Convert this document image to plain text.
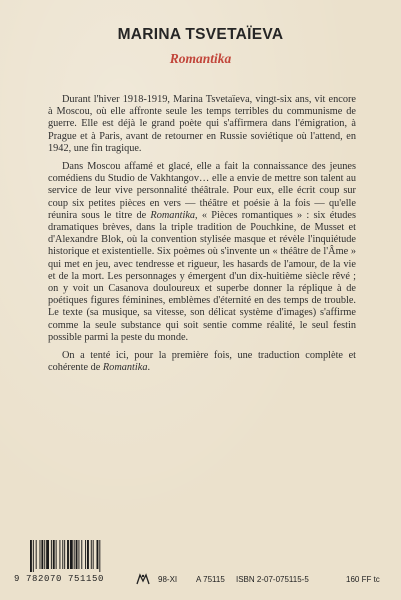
MARINA TSVETAÏEVA
Romantika

Durant l'hiver 1918-1919, Marina Tsvetaïeva, vingt-six ans, vit encore à Moscou, où elle affronte seule les temps terribles du communisme de guerre. Elle est déjà le grand poète qui s'affirmera dans l'émigration, à Prague et à Paris, avant de retourner en Russie soviétique où l'attend, en 1942, une fin tragique.

Dans Moscou affamé et glacé, elle a fait la connaissance des jeunes comédiens du Studio de Vakhtangov… elle a envie de mettre son talent au service de leur vive personnalité théâtrale. Pour eux, elle écrit coup sur coup six petites pièces en vers — théâtre et poésie à la fois — qu'elle réunira sous le titre de Romantika, « Pièces romantiques » : six études dramatiques brèves, dans la triple tradition de Pouchkine, de Musset et d'Alexandre Blok, où la convention stylisée masque et révèle l'inquiétude historique et existentielle. Six poèmes où s'invente un « théâtre de l'Âme » qui met en jeu, avec tendresse et rigueur, les hasards de l'amour, de la vie et de la mort. Les personnages y émergent d'un dix-huitième siècle rêvé ; on y voit un Casanova douloureux et superbe donner la réplique à de poétiques figures féminines, emblèmes d'éternité en des temps de trouble. Le texte (sa musique, sa vitesse, son délicat système d'images) s'affirme comme la seule substance qui soit sentie comme réalité, le seul festin possible parmi la peste du monde.

On a tenté ici, pour la première fois, une traduction complète et cohérente de Romantika.

9 782070 751150	98-XI A 75115 ISBN 2-07-075115-5	160 FF tc
